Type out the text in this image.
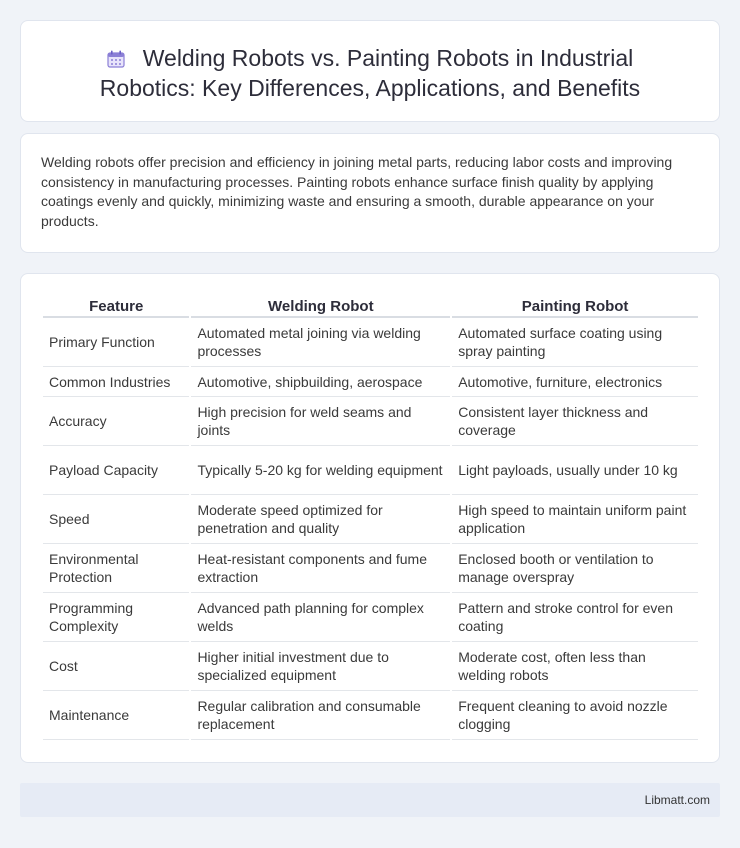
Welding Robots vs. Painting Robots in Industrial Robotics: Key Differences, Applications, and Benefits

Welding robots offer precision and efficiency in joining metal parts, reducing labor costs and improving consistency in manufacturing processes. Painting robots enhance surface finish quality by applying coatings evenly and quickly, minimizing waste and ensuring a smooth, durable appearance on your products.

Feature		Welding Robot		Painting Robot
Primary Function		Automated metal joining via welding processes		Automated surface coating using spray painting
Common Industries		Automotive, shipbuilding, aerospace		Automotive, furniture, electronics
Accuracy		High precision for weld seams and joints		Consistent layer thickness and coverage
Payload Capacity		Typically 5-20 kg for welding equipment		Light payloads, usually under 10 kg
Speed		Moderate speed optimized for penetration and quality		High speed to maintain uniform paint application
Environmental Protection		Heat-resistant components and fume extraction		Enclosed booth or ventilation to manage overspray
Programming Complexity		Advanced path planning for complex welds		Pattern and stroke control for even coating
Cost		Higher initial investment due to specialized equipment		Moderate cost, often less than welding robots
Maintenance		Regular calibration and consumable replacement		Frequent cleaning to avoid nozzle clogging
Libmatt.com
